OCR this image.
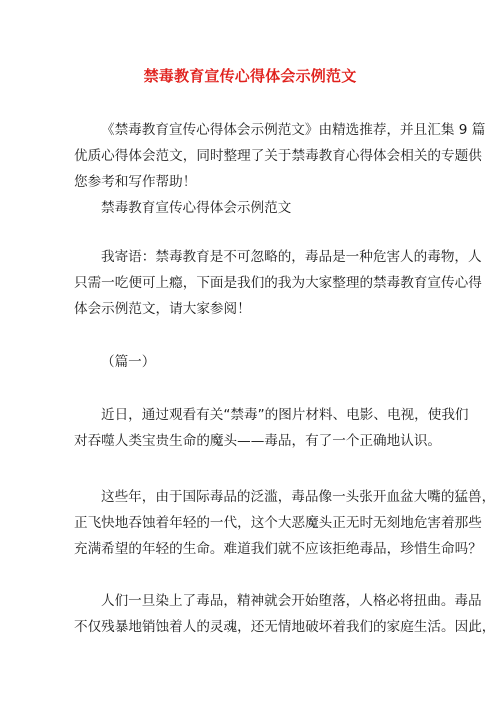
禁毒教育宣传心得体会示例范文
《禁毒教育宣传心得体会示例范文》由精选推荐，并且汇集 9 篇
优质心得体会范文，同时整理了关于禁毒教育心得体会相关的专题供
您参考和写作帮助！
禁毒教育宣传心得体会示例范文
我寄语：禁毒教育是不可忽略的，毒品是一种危害人的毒物，人
只需一吃便可上瘾，下面是我们的我为大家整理的禁毒教育宣传心得
体会示例范文，请大家参阅！
（篇一）
近日，通过观看有关“禁毒”的图片材料、电影、电视，使我们
对吞噬人类宝贵生命的魔头——毒品，有了一个正确地认识。
这些年，由于国际毒品的泛滥，毒品像一头张开血盆大嘴的猛兽，
正飞快地吞蚀着年轻的一代，这个大恶魔头正无时无刻地危害着那些
充满希望的年轻的生命。难道我们就不应该拒绝毒品，珍惜生命吗？
人们一旦染上了毒品，精神就会开始堕落，人格必将扭曲。毒品
不仅残暴地销蚀着人的灵魂，还无情地破坏着我们的家庭生活。因此，
